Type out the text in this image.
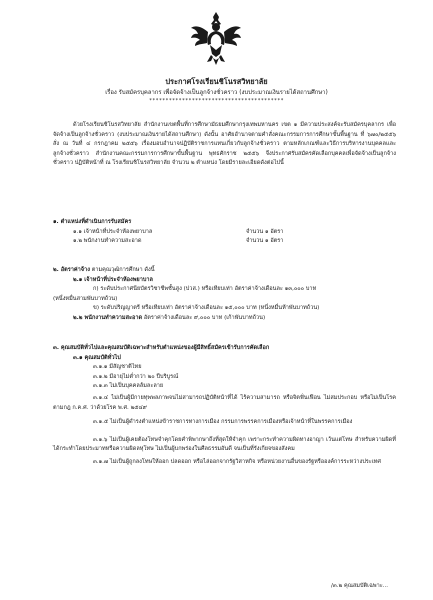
ประกาศโรงเรียนชิโนรสวิทยาลัย
เรื่อง รับสมัครบุคลากร เพื่อจัดจ้างเป็นลูกจ้างชั่วคราว (งบประมาณเงินรายได้สถานศึกษา)
*****************************************
ด้วยโรงเรียนชิโนรสวิทยาลัย สำนักงานเขตพื้นที่การศึกษามัธยมศึกษากรุงเทพมหานคร เขต ๑ มีความประสงค์จะรับสมัครบุคลากร เพื่อจัดจ้างเป็นลูกจ้างชั่วคราว (งบประมาณเงินรายได้สถานศึกษา) ดังนั้น อาศัยอำนาจตามคำสั่งคณะกรรมการการศึกษาขั้นพื้นฐาน ที่ ๖๗๐/๒๕๕๖ สั่ง ณ วันที่ ๔ กรกฎาคม ๒๕๕๖ เรื่องมอบอำนาจปฏิบัติราชการแทนเกี่ยวกับลูกจ้างชั่วคราว ตามหลักเกณฑ์และวิธีการบริหารงานบุคคลและลูกจ้างชั่วคราว สำนักงานคณะกรรมการการศึกษาขั้นพื้นฐาน พุทธศักราช ๒๕๕๖ จึงประกาศรับสมัครคัดเลือกบุคคลเพื่อจัดจ้างเป็นลูกจ้างชั่วคราว ปฏิบัติหน้าที่ ณ โรงเรียนชิโนรสวิทยาลัย จำนวน ๒ ตำแหน่ง โดยมีรายละเอียดดังต่อไปนี้
๑. ตำแหน่งที่ดำเนินการรับสมัคร
๑.๑ เจ้าหน้าที่ประจำห้องพยาบาล	จำนวน ๑ อัตรา
๑.๒ พนักงานทำความสะอาด	จำนวน ๑ อัตรา
๒. อัตราค่าจ้าง ตามคุณวุฒิการศึกษา ดังนี้
๒.๑ เจ้าหน้าที่ประจำห้องพยาบาล
ก) ระดับประกาศนียบัตรวิชาชีพชั้นสูง (ปวส.) หรือเทียบเท่า อัตราค่าจ้างเดือนละ ๑๓,๐๐๐ บาท
(หนึ่งหมื่นสามพันบาทถ้วน)
ข) ระดับปริญญาตรี หรือเทียบเท่า อัตราค่าจ้างเดือนละ ๑๕,๐๐๐ บาท (หนึ่งหมื่นห้าพันบาทถ้วน)
๒.๒ พนักงานทำความสะอาด อัตราค่าจ้างเดือนละ ๙,๐๐๐ บาท (เก้าพันบาทถ้วน)
๓. คุณสมบัติทั่วไปและคุณสมบัติเฉพาะสำหรับตำแหน่งของผู้มีสิทธิ์สมัครเข้ารับการคัดเลือก
๓.๑ คุณสมบัติทั่วไป
๓.๑.๑ มีสัญชาติไทย
๓.๑.๒ มีอายุไม่ต่ำกว่า ๒๐ ปีบริบูรณ์
๓.๑.๓ ไม่เป็นบุคคลล้มละลาย
๓.๑.๔ ไม่เป็นผู้มีกายทุพพลภาพจนไม่สามารถปฏิบัติหน้าที่ได้ ไร้ความสามารถ หรือจิตฟั่นเฟือน ไม่สมประกอบ หรือไม่เป็นโรคตามกฎ ก.ค.ศ. ว่าด้วยโรค พ.ศ. ๒๕๔๙
๓.๑.๕ ไม่เป็นผู้ดำรงตำแหน่งข้าราชการทางการเมือง กรรมการพรรคการเมืองหรือเจ้าหน้าที่ในพรรคการเมือง
๓.๑.๖ ไม่เป็นผู้เคยต้องโทษจำคุกโดยคำพิพากษาถึงที่สุดให้จำคุก เพราะกระทำความผิดทางอาญา เว้นแต่โทษ สำหรับความผิดที่ได้กระทำโดยประมาทหรือความผิดลหุโทษ ไม่เป็นผู้บกพร่องในศีลธรรมอันดี จนเป็นที่รังเกียจของสังคม
๓.๑.๗ ไม่เป็นผู้ถูกลงโทษให้ออก ปลดออก หรือไล่ออกจากรัฐวิสาหกิจ หรือหน่วยงานอื่นของรัฐหรือองค์การระหว่างประเทศ
/๓.๒ คุณสมบัติเฉพาะ...
